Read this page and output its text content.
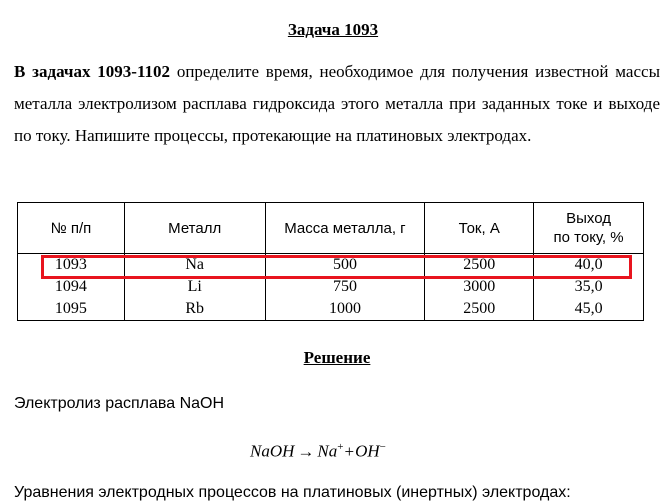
Задача 1093
В задачах 1093-1102 определите время, необходимое для получения известной массы металла электролизом расплава гидроксида этого металла при заданных токе и выходе по току. Напишите процессы, протекающие на платиновых электродах.
№ п/п	Металл	Масса металла, г	Ток, А	Выход
по току, %
1093	Na	500	2500	40,0
1094	Li	750	3000	35,0
1095	Rb	1000	2500	45,0
Решение
Электролиз расплава NaOH
NaOH → Na++OH−
Уравнения электродных процессов на платиновых (инертных) электродах:
